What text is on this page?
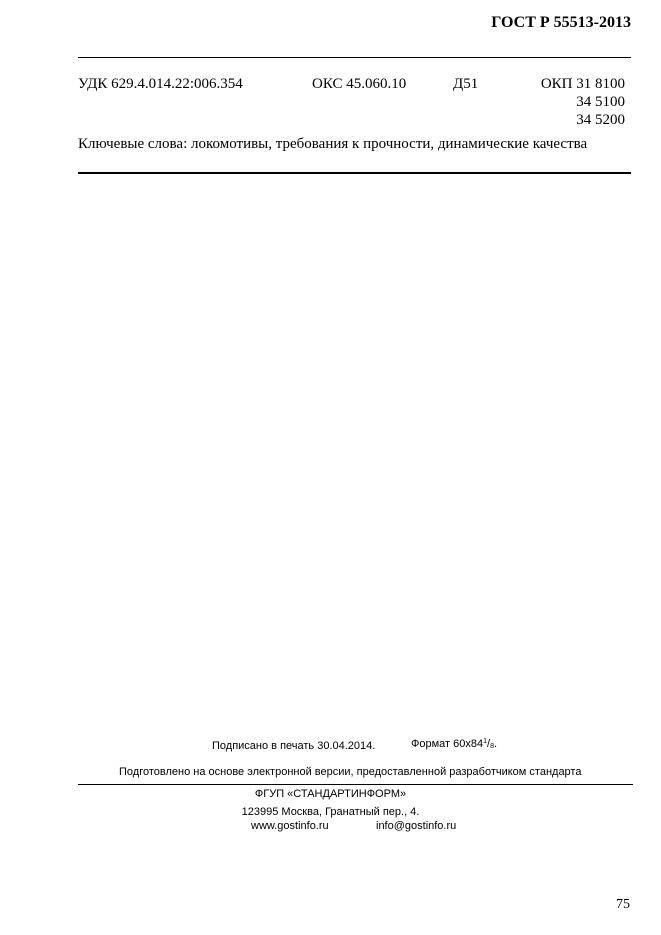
ГОСТ Р 55513-2013
УДК 629.4.014.22:006.354	ОКС 45.060.10	Д51	ОКП 31 8100
34 5100
34 5200
Ключевые слова: локомотивы, требования к прочности, динамические качества
Подписано в печать 30.04.2014.	Формат $60x84^1/_8$.
Подготовлено на основе электронной версии, предоставленной разработчиком стандарта
ФГУП «СТАНДАРТИНФОРМ»
123995 Москва, Гранатный пер., 4.
www.gostinfo.ru	info@gostinfo.ru
75
